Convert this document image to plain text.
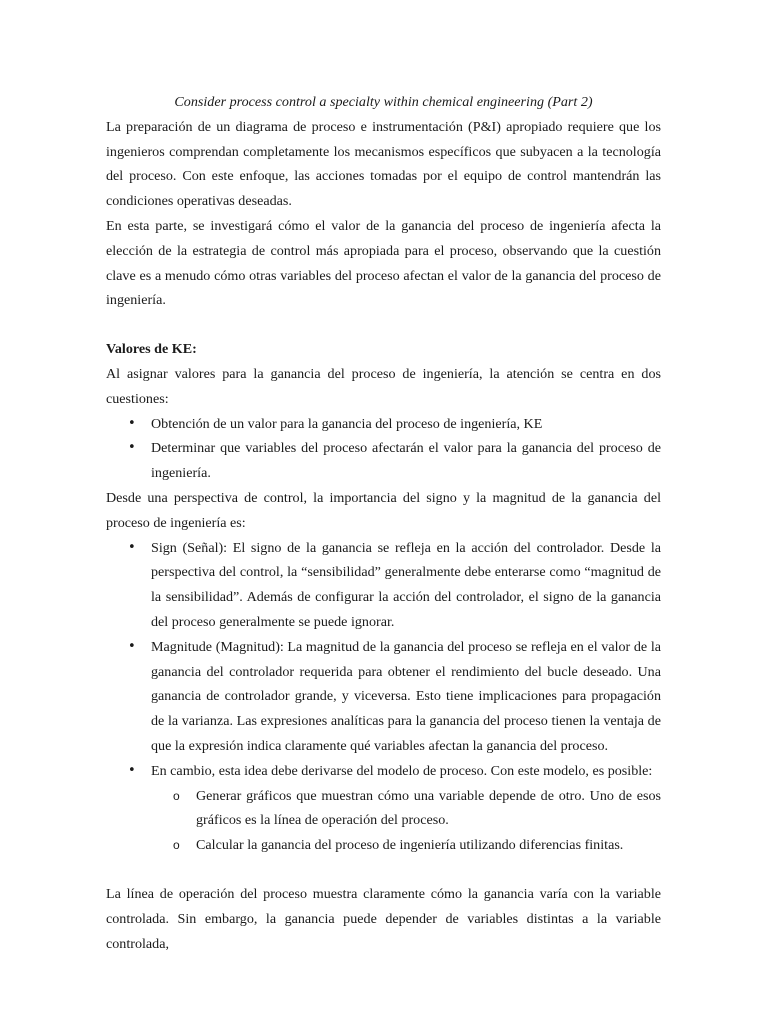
Consider process control a specialty within chemical engineering (Part 2)

La preparación de un diagrama de proceso e instrumentación (P&I) apropiado requiere que los ingenieros comprendan completamente los mecanismos específicos que subyacen a la tecnología del proceso. Con este enfoque, las acciones tomadas por el equipo de control mantendrán las condiciones operativas deseadas.

En esta parte, se investigará cómo el valor de la ganancia del proceso de ingeniería afecta la elección de la estrategia de control más apropiada para el proceso, observando que la cuestión clave es a menudo cómo otras variables del proceso afectan el valor de la ganancia del proceso de ingeniería.

Valores de KE:

Al asignar valores para la ganancia del proceso de ingeniería, la atención se centra en dos cuestiones:

• Obtención de un valor para la ganancia del proceso de ingeniería, KE
• Determinar que variables del proceso afectarán el valor para la ganancia del proceso de ingeniería.

Desde una perspectiva de control, la importancia del signo y la magnitud de la ganancia del proceso de ingeniería es:

• Sign (Señal): El signo de la ganancia se refleja en la acción del controlador. Desde la perspectiva del control, la “sensibilidad” generalmente debe enterarse como “magnitud de la sensibilidad”. Además de configurar la acción del controlador, el signo de la ganancia del proceso generalmente se puede ignorar.
• Magnitude (Magnitud): La magnitud de la ganancia del proceso se refleja en el valor de la ganancia del controlador requerida para obtener el rendimiento del bucle deseado. Una ganancia de controlador grande, y viceversa. Esto tiene implicaciones para propagación de la varianza. Las expresiones analíticas para la ganancia del proceso tienen la ventaja de que la expresión indica claramente qué variables afectan la ganancia del proceso.
• En cambio, esta idea debe derivarse del modelo de proceso. Con este modelo, es posible:
o Generar gráficos que muestran cómo una variable depende de otro. Uno de esos gráficos es la línea de operación del proceso.
o Calcular la ganancia del proceso de ingeniería utilizando diferencias finitas.

La línea de operación del proceso muestra claramente cómo la ganancia varía con la variable controlada. Sin embargo, la ganancia puede depender de variables distintas a la variable controlada,
